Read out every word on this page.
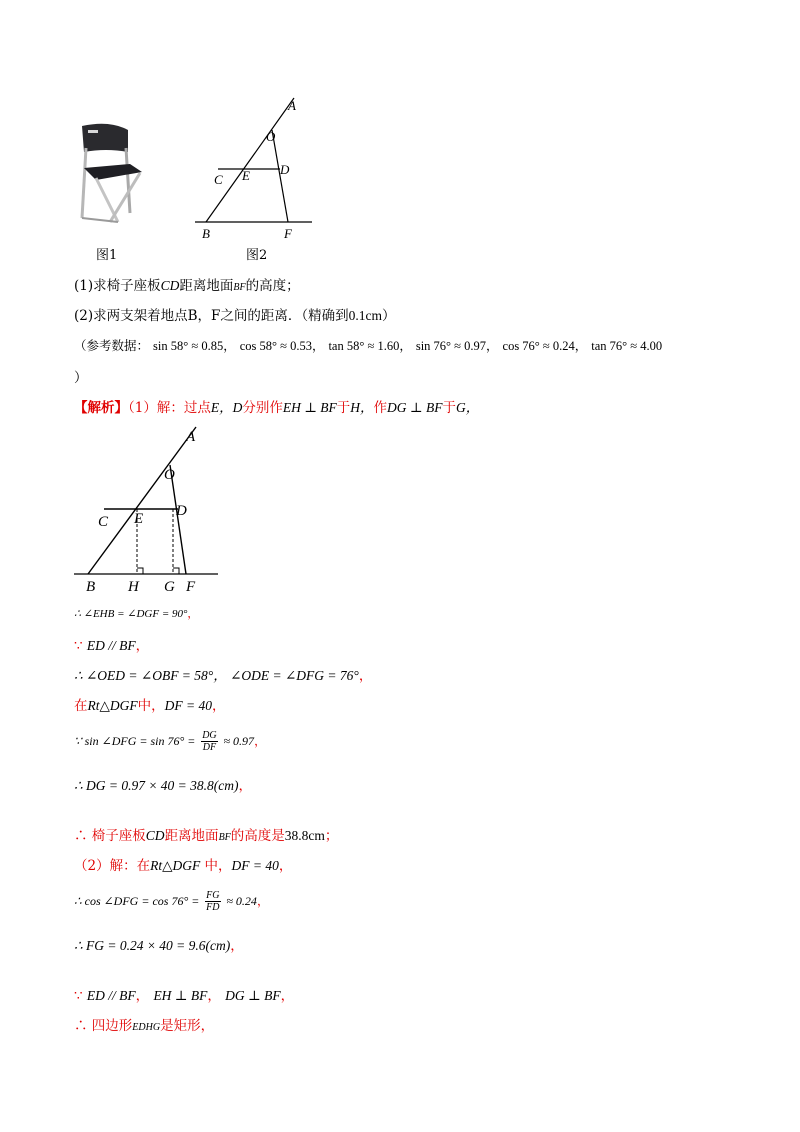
图1
A
O
C E D
B	F
图2
(1)求椅子座板CD距离地面BF的高度；
(2)求两支架着地点B，F之间的距离．（精确到0.1cm）
（参考数据： sin 58° ≈ 0.85， cos 58° ≈ 0.53， tan 58° ≈ 1.60， sin 76° ≈ 0.97， cos 76° ≈ 0.24， tan 76° ≈ 4.00
）
【解析】（1）解：过点E，D分别作EH ⊥ BF于H，作DG ⊥ BF于G，
A
O
C E D
B H G F
∴ ∠EHB = ∠DGF = 90°，
∵ ED // BF，
∴ ∠OED = ∠OBF = 58°， ∠ODE = ∠DFG = 76°，
在Rt△DGF中，DF = 40，
∵ sin ∠DFG = $\sin 76^\circ = \frac{DG}{DF} \approx 0.97$，
∴ DG = 0.97 × 40 = 38.8(cm)，
∴ 椅子座板CD距离地面BF的高度是38.8cm；
（2）解：在Rt△DGF 中，DF = 40，
∴ cos ∠DFG = $\cos 76^\circ = \frac{FG}{FD} \approx 0.24$，
∴ FG = 0.24 × 40 = 9.6(cm)，
∵ ED // BF， EH ⊥ BF， DG ⊥ BF，
∴ 四边形EDHG是矩形，
